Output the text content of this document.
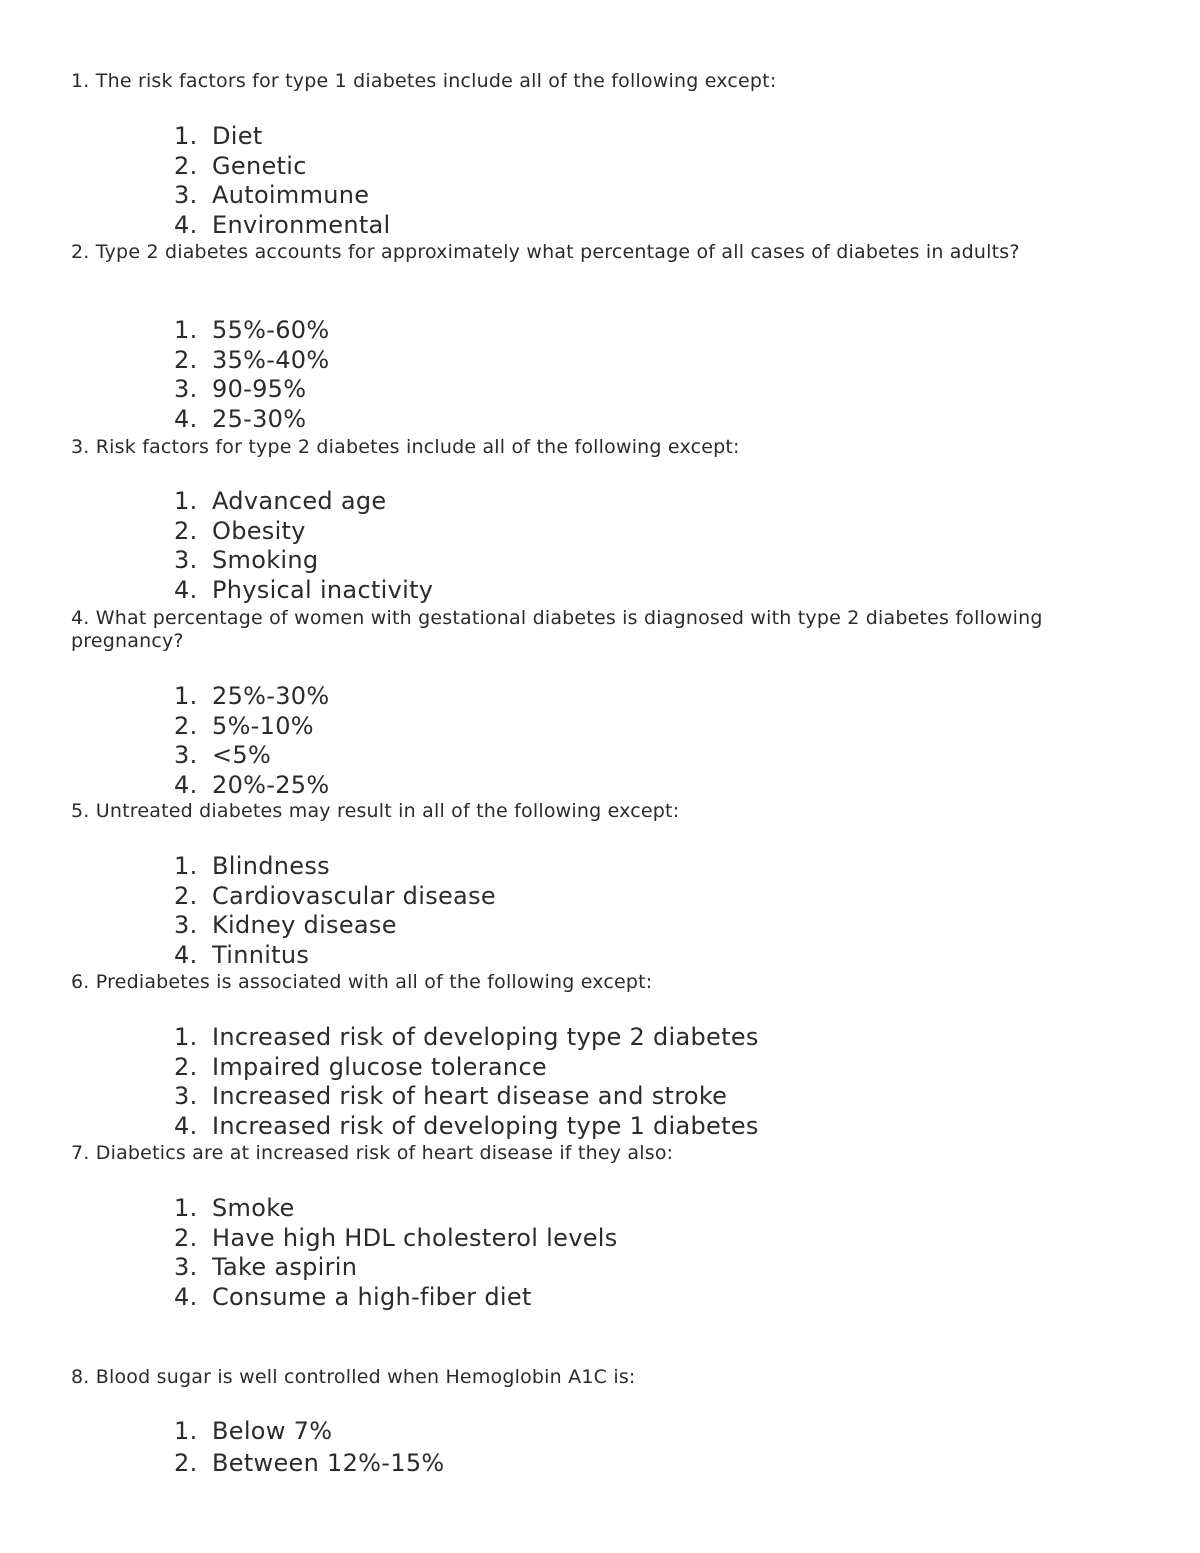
1. The risk factors for type 1 diabetes include all of the following except:

1. Diet
2. Genetic
3. Autoimmune
4. Environmental

2. Type 2 diabetes accounts for approximately what percentage of all cases of diabetes in adults?

1. 55%-60%
2. 35%-40%
3. 90-95%
4. 25-30%

3. Risk factors for type 2 diabetes include all of the following except:

1. Advanced age
2. Obesity
3. Smoking
4. Physical inactivity

4. What percentage of women with gestational diabetes is diagnosed with type 2 diabetes following pregnancy?

1. 25%-30%
2. 5%-10%
3. <5%
4. 20%-25%

5. Untreated diabetes may result in all of the following except:

1. Blindness
2. Cardiovascular disease
3. Kidney disease
4. Tinnitus

6. Prediabetes is associated with all of the following except:

1. Increased risk of developing type 2 diabetes
2. Impaired glucose tolerance
3. Increased risk of heart disease and stroke
4. Increased risk of developing type 1 diabetes

7. Diabetics are at increased risk of heart disease if they also:

1. Smoke
2. Have high HDL cholesterol levels
3. Take aspirin
4. Consume a high-fiber diet

8. Blood sugar is well controlled when Hemoglobin A1C is:

1. Below 7%
2. Between 12%-15%
